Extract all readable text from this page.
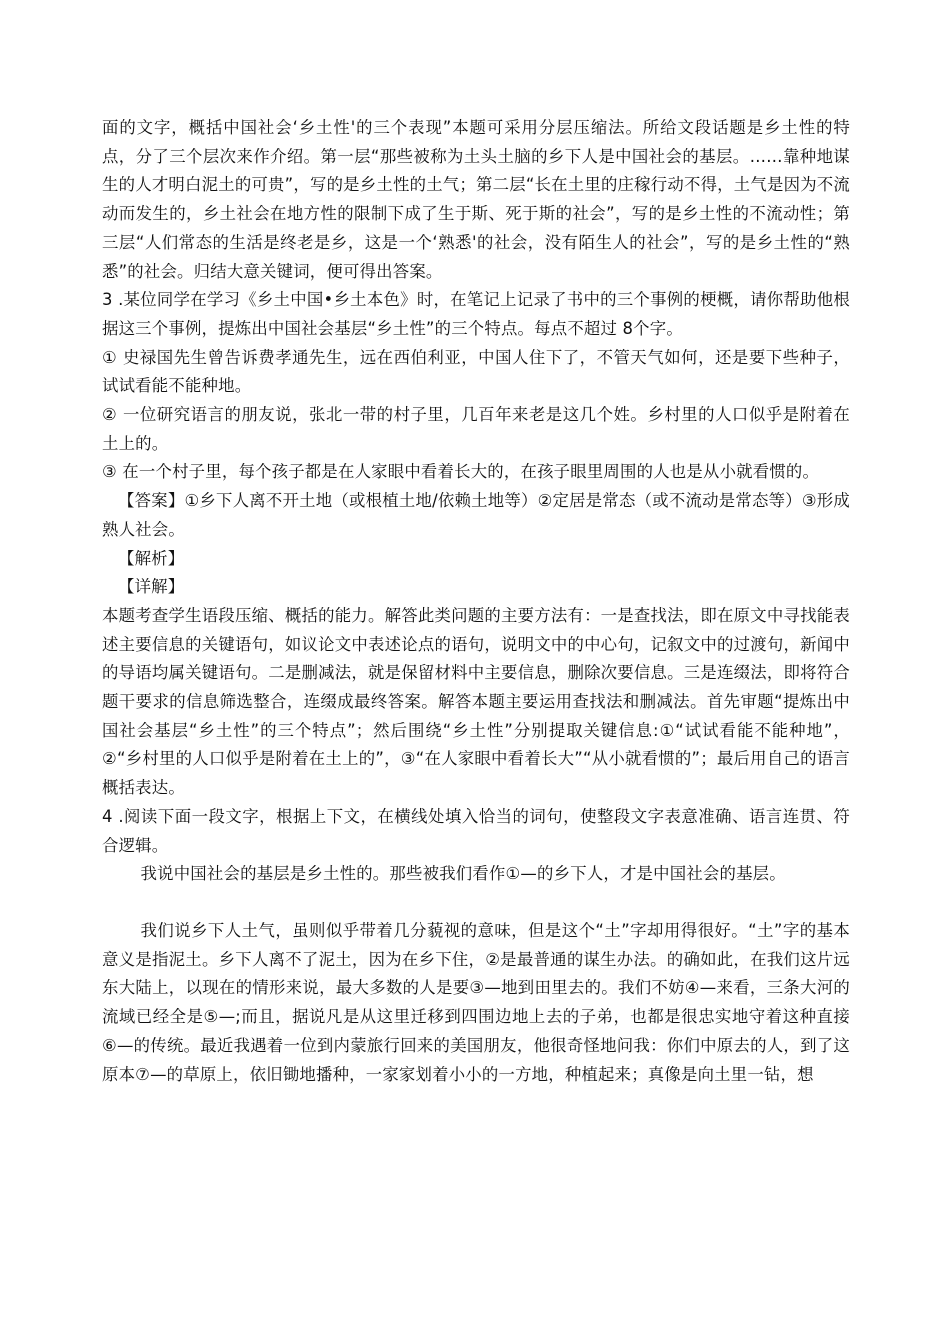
面的文字，概括中国社会‘乡土性'的三个表现”本题可采用分层压缩法。所给文段话题是乡土性的特点，分了三个层次来作介绍。第一层“那些被称为土头土脑的乡下人是中国社会的基层。……靠种地谋生的人才明白泥土的可贵”，写的是乡土性的土气；第二层“长在土里的庄稼行动不得，土气是因为不流动而发生的，乡土社会在地方性的限制下成了生于斯、死于斯的社会”，写的是乡土性的不流动性；第三层“人们常态的生活是终老是乡，这是一个‘熟悉'的社会，没有陌生人的社会”，写的是乡土性的“熟悉”的社会。归结大意关键词，便可得出答案。

3 .某位同学在学习《乡土中国•乡土本色》时，在笔记上记录了书中的三个事例的梗概，请你帮助他根据这三个事例，提炼出中国社会基层“乡土性”的三个特点。每点不超过 8个字。

① 史禄国先生曾告诉费孝通先生，远在西伯利亚，中国人住下了，不管天气如何，还是要下些种子，试试看能不能种地。

② 一位研究语言的朋友说，张北一带的村子里，几百年来老是这几个姓。乡村里的人口似乎是附着在土上的。

③ 在一个村子里，每个孩子都是在人家眼中看着长大的，在孩子眼里周围的人也是从小就看惯的。

【答案】①乡下人离不开土地（或根植土地/依赖土地等）②定居是常态（或不流动是常态等）③形成熟人社会。

【解析】

【详解】

本题考查学生语段压缩、概括的能力。解答此类问题的主要方法有：一是查找法，即在原文中寻找能表述主要信息的关键语句，如议论文中表述论点的语句，说明文中的中心句，记叙文中的过渡句，新闻中的导语均属关键语句。二是删减法，就是保留材料中主要信息，删除次要信息。三是连缀法，即将符合题干要求的信息筛选整合，连缀成最终答案。解答本题主要运用查找法和删减法。首先审题“提炼出中国社会基层“乡土性”的三个特点”；然后围绕“乡土性”分别提取关键信息:①“试试看能不能种地”，②“乡村里的人口似乎是附着在土上的”，③“在人家眼中看着长大”“从小就看惯的”；最后用自己的语言概括表达。

4 .阅读下面一段文字，根据上下文，在横线处填入恰当的词句，使整段文字表意准确、语言连贯、符合逻辑。

我说中国社会的基层是乡土性的。那些被我们看作①—的乡下人，才是中国社会的基层。

我们说乡下人土气，虽则似乎带着几分藐视的意味，但是这个“土”字却用得很好。“土”字的基本意义是指泥土。乡下人离不了泥土，因为在乡下住，②是最普通的谋生办法。的确如此，在我们这片远东大陆上，以现在的情形来说，最大多数的人是要③—地到田里去的。我们不妨④—来看，三条大河的流域已经全是⑤—;而且，据说凡是从这里迁移到四围边地上去的子弟，也都是很忠实地守着这种直接⑥—的传统。最近我遇着一位到内蒙旅行回来的美国朋友，他很奇怪地问我：你们中原去的人，到了这原本⑦—的草原上，依旧锄地播种，一家家划着小小的一方地，种植起来；真像是向土里一钻，想
